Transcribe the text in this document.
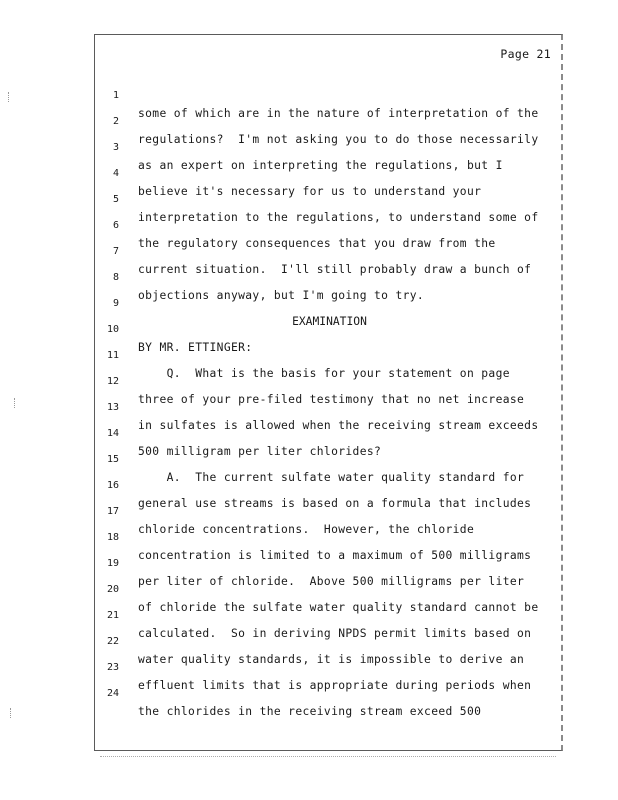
Page 21

1

some of which are in the nature of interpretation of the

2

regulations?  I'm not asking you to do those necessarily

3

as an expert on interpreting the regulations, but I

4

believe it's necessary for us to understand your

5

interpretation to the regulations, to understand some of

6

the regulatory consequences that you draw from the

7

current situation.  I'll still probably draw a bunch of

8

objections anyway, but I'm going to try.

9

EXAMINATION

10

BY MR. ETTINGER:

11

Q.  What is the basis for your statement on page

12

three of your pre-filed testimony that no net increase

13

in sulfates is allowed when the receiving stream exceeds

14

500 milligram per liter chlorides?

15

A.  The current sulfate water quality standard for

16

general use streams is based on a formula that includes

17

chloride concentrations.  However, the chloride

18

concentration is limited to a maximum of 500 milligrams

19

per liter of chloride.  Above 500 milligrams per liter

20

of chloride the sulfate water quality standard cannot be

21

calculated.  So in deriving NPDS permit limits based on

22

water quality standards, it is impossible to derive an

23

effluent limits that is appropriate during periods when

24

the chlorides in the receiving stream exceed 500
